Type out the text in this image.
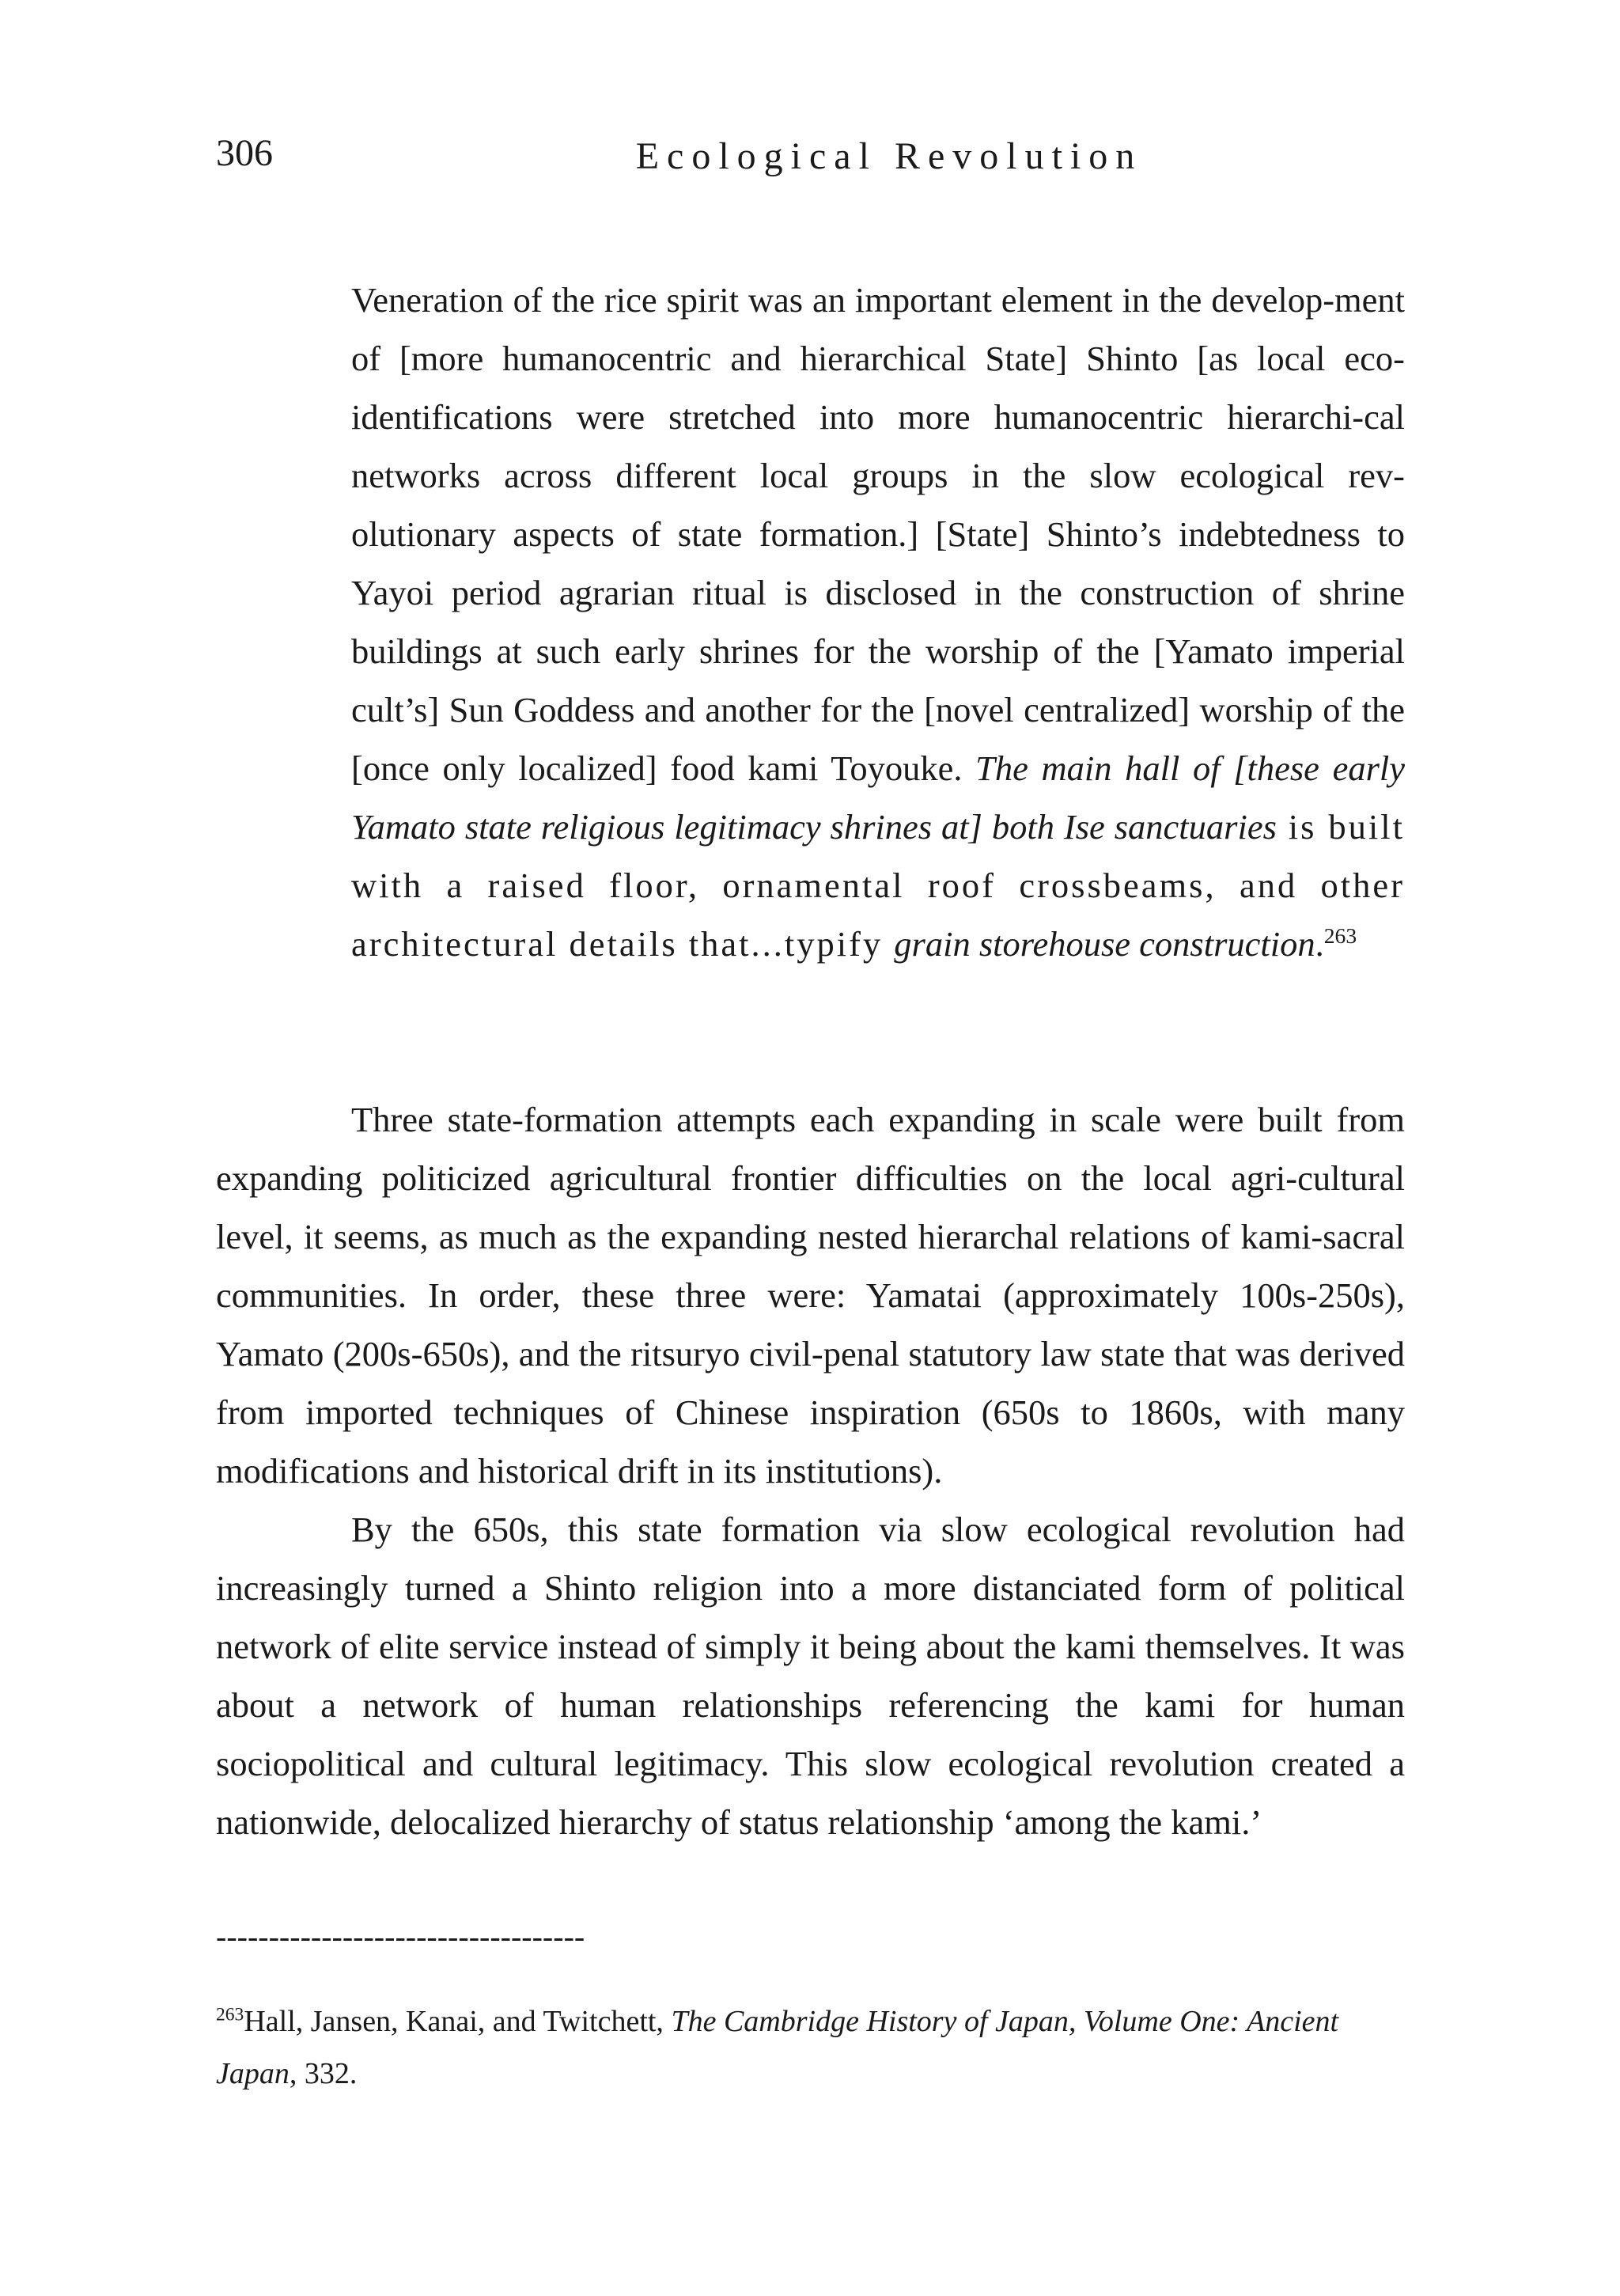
306	Ecological Revolution

Veneration of the rice spirit was an important element in the develop-ment of [more humanocentric and hierarchical State] Shinto [as local eco-identifications were stretched into more humanocentric hierarchi-cal networks across different local groups in the slow ecological rev-olutionary aspects of state formation.] [State] Shinto’s indebtedness to Yayoi period agrarian ritual is disclosed in the construction of shrine buildings at such early shrines for the worship of the [Yamato imperial cult’s] Sun Goddess and another for the [novel centralized] worship of the [once only localized] food kami Toyouke. The main hall of [these early Yamato state religious legitimacy shrines at] both Ise sanctuaries is built with a raised floor, ornamental roof crossbeams, and other architectural details that...typify grain storehouse construction.$^{263}$

Three state-formation attempts each expanding in scale were built from expanding politicized agricultural frontier difficulties on the local agri-cultural level, it seems, as much as the expanding nested hierarchal relations of kami-sacral communities. In order, these three were: Yamatai (approximately 100s-250s), Yamato (200s-650s), and the ritsuryo civil-penal statutory law state that was derived from imported techniques of Chinese inspiration (650s to 1860s, with many modifications and historical drift in its institutions).

By the 650s, this state formation via slow ecological revolution had increasingly turned a Shinto religion into a more distanciated form of political network of elite service instead of simply it being about the kami themselves. It was about a network of human relationships referencing the kami for human sociopolitical and cultural legitimacy. This slow ecological revolution created a nationwide, delocalized hierarchy of status relationship ‘among the kami.’

-----------------------------------

$^{263}$Hall, Jansen, Kanai, and Twitchett, The Cambridge History of Japan, Volume One: Ancient Japan, 332.
